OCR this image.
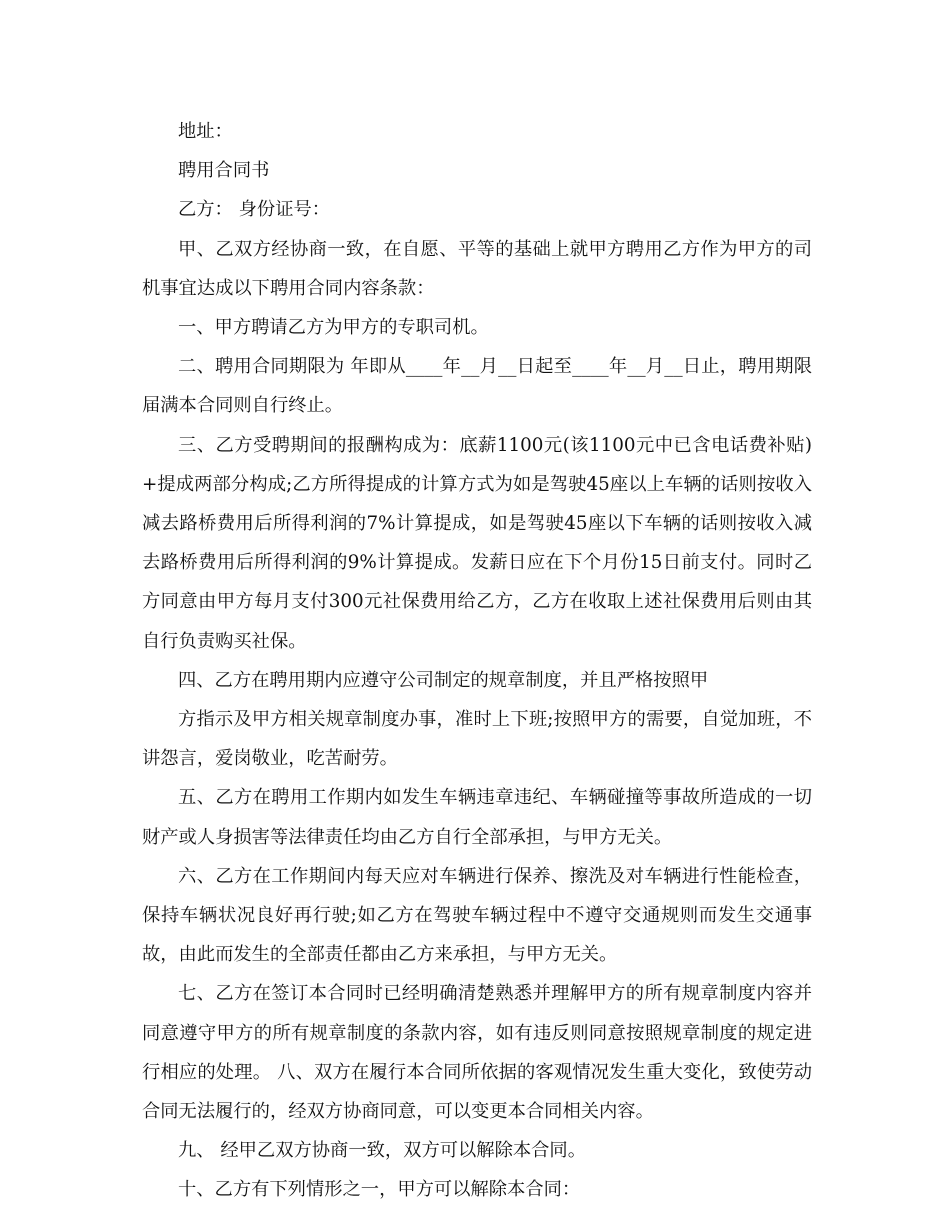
地址：

聘用合同书

乙方： 身份证号：

甲、乙双方经协商一致，在自愿、平等的基础上就甲方聘用乙方作为甲方的司机事宜达成以下聘用合同内容条款：

一、甲方聘请乙方为甲方的专职司机。

二、聘用合同期限为 年即从____年__月__日起至____年__月__日止，聘用期限届满本合同则自行终止。

三、乙方受聘期间的报酬构成为：底薪1100元(该1100元中已含电话费补贴)+提成两部分构成;乙方所得提成的计算方式为如是驾驶45座以上车辆的话则按收入减去路桥费用后所得利润的7%计算提成，如是驾驶45座以下车辆的话则按收入减去路桥费用后所得利润的9%计算提成。发薪日应在下个月份15日前支付。同时乙方同意由甲方每月支付300元社保费用给乙方，乙方在收取上述社保费用后则由其自行负责购买社保。

四、乙方在聘用期内应遵守公司制定的规章制度，并且严格按照甲

方指示及甲方相关规章制度办事，准时上下班;按照甲方的需要，自觉加班，不讲怨言，爱岗敬业，吃苦耐劳。

五、乙方在聘用工作期内如发生车辆违章违纪、车辆碰撞等事故所造成的一切财产或人身损害等法律责任均由乙方自行全部承担，与甲方无关。

六、乙方在工作期间内每天应对车辆进行保养、擦洗及对车辆进行性能检查，保持车辆状况良好再行驶;如乙方在驾驶车辆过程中不遵守交通规则而发生交通事故，由此而发生的全部责任都由乙方来承担，与甲方无关。

七、乙方在签订本合同时已经明确清楚熟悉并理解甲方的所有规章制度内容并同意遵守甲方的所有规章制度的条款内容，如有违反则同意按照规章制度的规定进行相应的处理。 八、双方在履行本合同所依据的客观情况发生重大变化，致使劳动合同无法履行的，经双方协商同意，可以变更本合同相关内容。

九、 经甲乙双方协商一致，双方可以解除本合同。

十、乙方有下列情形之一，甲方可以解除本合同：
